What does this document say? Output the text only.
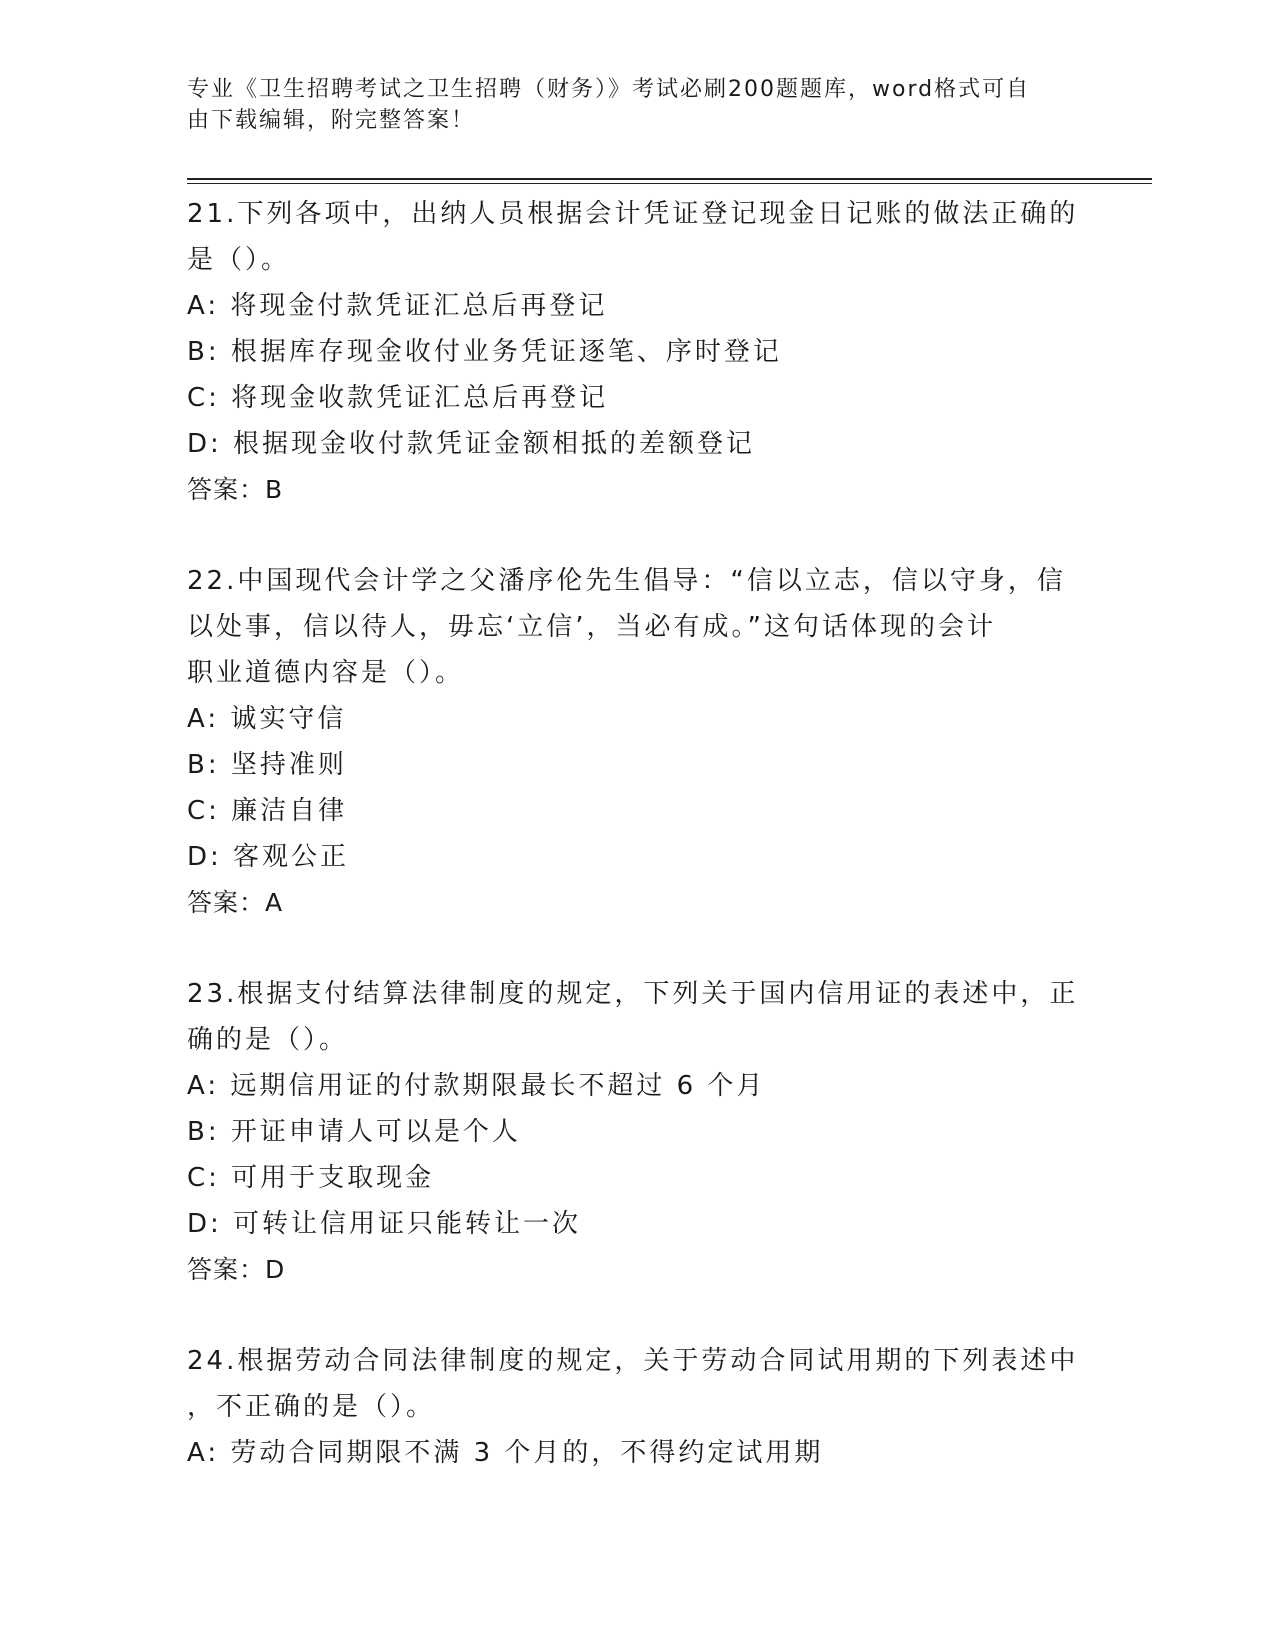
专业《卫生招聘考试之卫生招聘（财务）》考试必刷200题题库，word格式可自
由下载编辑，附完整答案！
21.下列各项中，出纳人员根据会计凭证登记现金日记账的做法正确的
是（）。
A: 将现金付款凭证汇总后再登记
B: 根据库存现金收付业务凭证逐笔、序时登记
C: 将现金收款凭证汇总后再登记
D: 根据现金收付款凭证金额相抵的差额登记
答案：B
22.中国现代会计学之父潘序伦先生倡导：“信以立志，信以守身，信
以处事，信以待人，毋忘‘立信’，当必有成。”这句话体现的会计
职业道德内容是（）。
A: 诚实守信
B: 坚持准则
C: 廉洁自律
D: 客观公正
答案：A
23.根据支付结算法律制度的规定，下列关于国内信用证的表述中，正
确的是（）。
A: 远期信用证的付款期限最长不超过 6 个月
B: 开证申请人可以是个人
C: 可用于支取现金
D: 可转让信用证只能转让一次
答案：D
24.根据劳动合同法律制度的规定，关于劳动合同试用期的下列表述中
，不正确的是（）。
A: 劳动合同期限不满 3 个月的，不得约定试用期
